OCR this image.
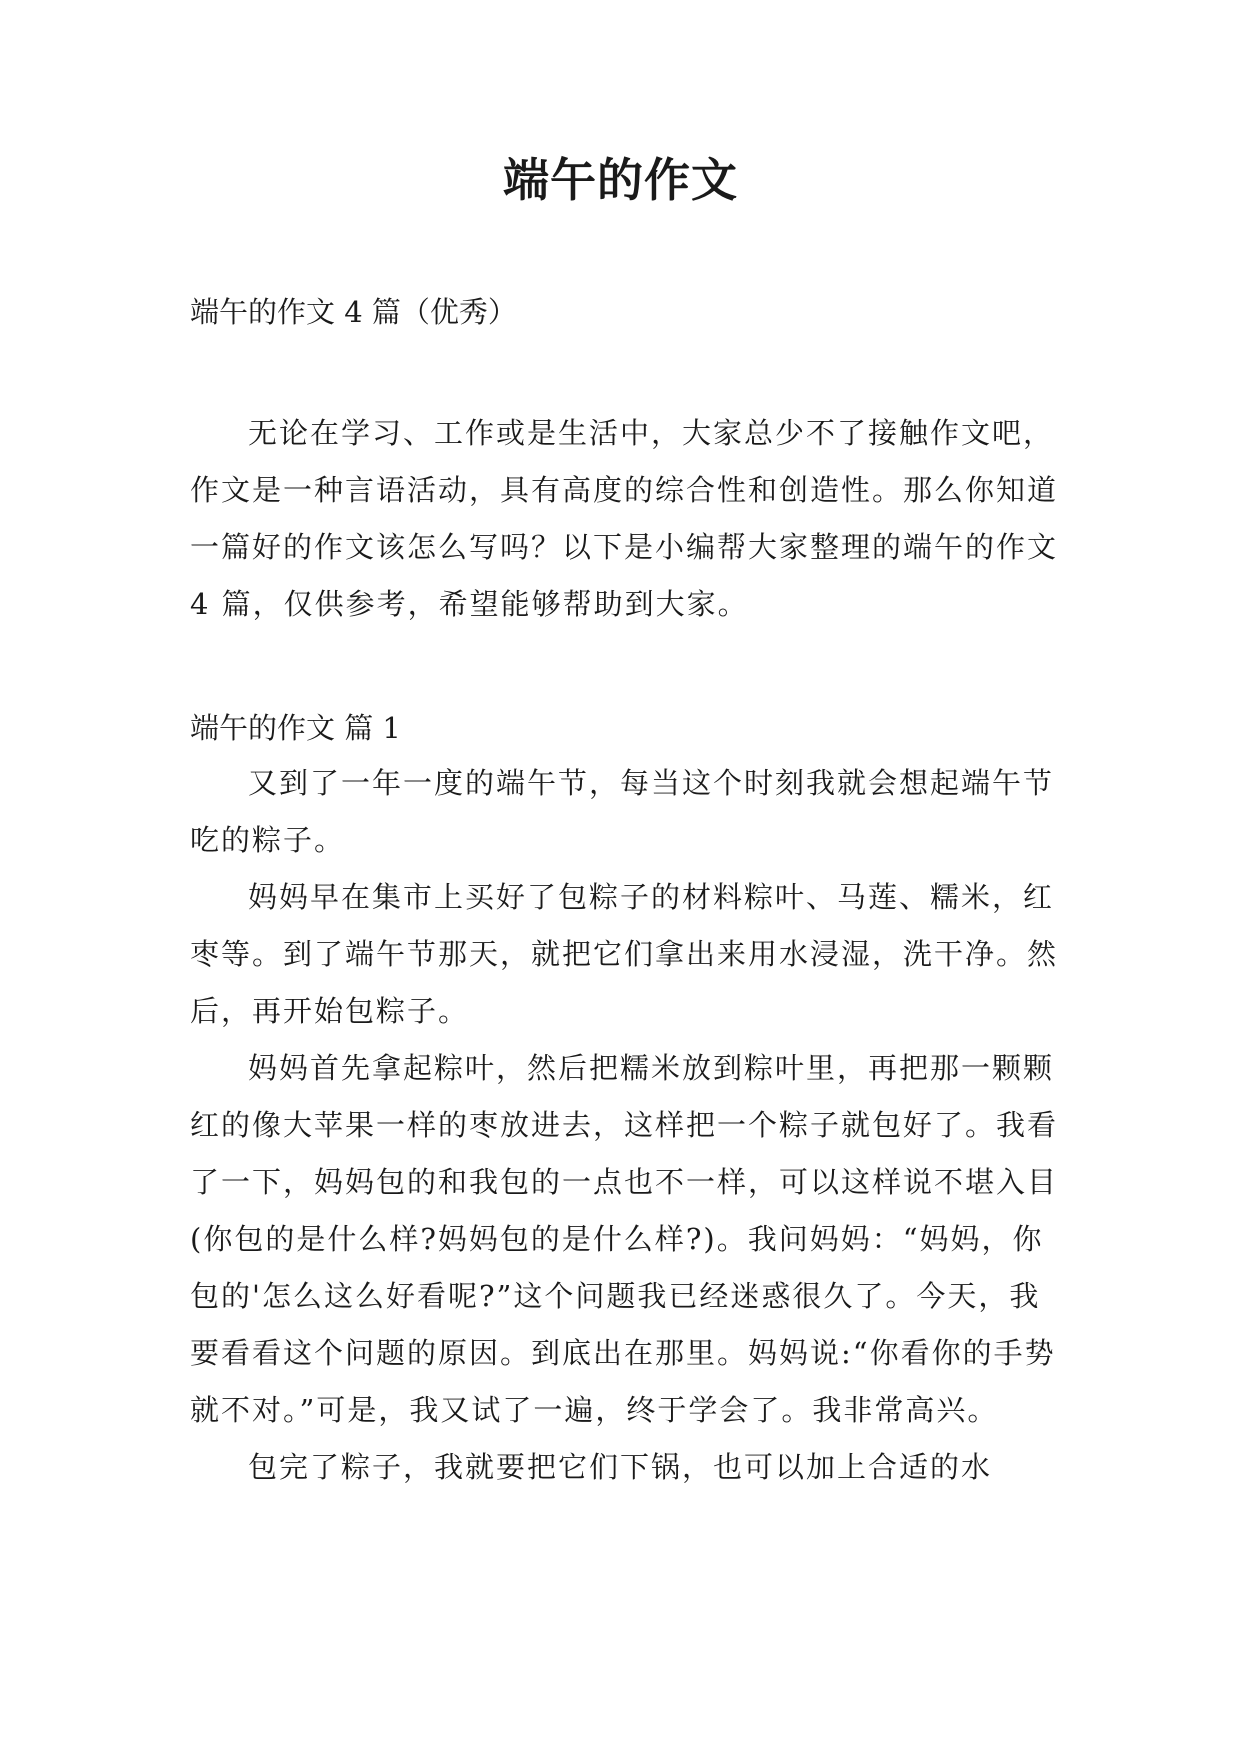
端午的作文
端午的作文 4 篇（优秀）

无论在学习、工作或是生活中，大家总少不了接触作文吧，作文是一种言语活动，具有高度的综合性和创造性。那么你知道一篇好的作文该怎么写吗？以下是小编帮大家整理的端午的作文 4 篇，仅供参考，希望能够帮助到大家。

端午的作文 篇 1

又到了一年一度的端午节，每当这个时刻我就会想起端午节吃的粽子。

妈妈早在集市上买好了包粽子的材料粽叶、马莲、糯米，红枣等。到了端午节那天，就把它们拿出来用水浸湿，洗干净。然后，再开始包粽子。

妈妈首先拿起粽叶，然后把糯米放到粽叶里，再把那一颗颗红的像大苹果一样的枣放进去，这样把一个粽子就包好了。我看了一下，妈妈包的和我包的一点也不一样，可以这样说不堪入目(你包的是什么样?妈妈包的是什么样?)。我问妈妈：“妈妈，你包的'怎么这么好看呢?”这个问题我已经迷惑很久了。今天，我要看看这个问题的原因。到底出在那里。妈妈说:“你看你的手势就不对。”可是，我又试了一遍，终于学会了。我非常高兴。

包完了粽子，我就要把它们下锅，也可以加上合适的水
